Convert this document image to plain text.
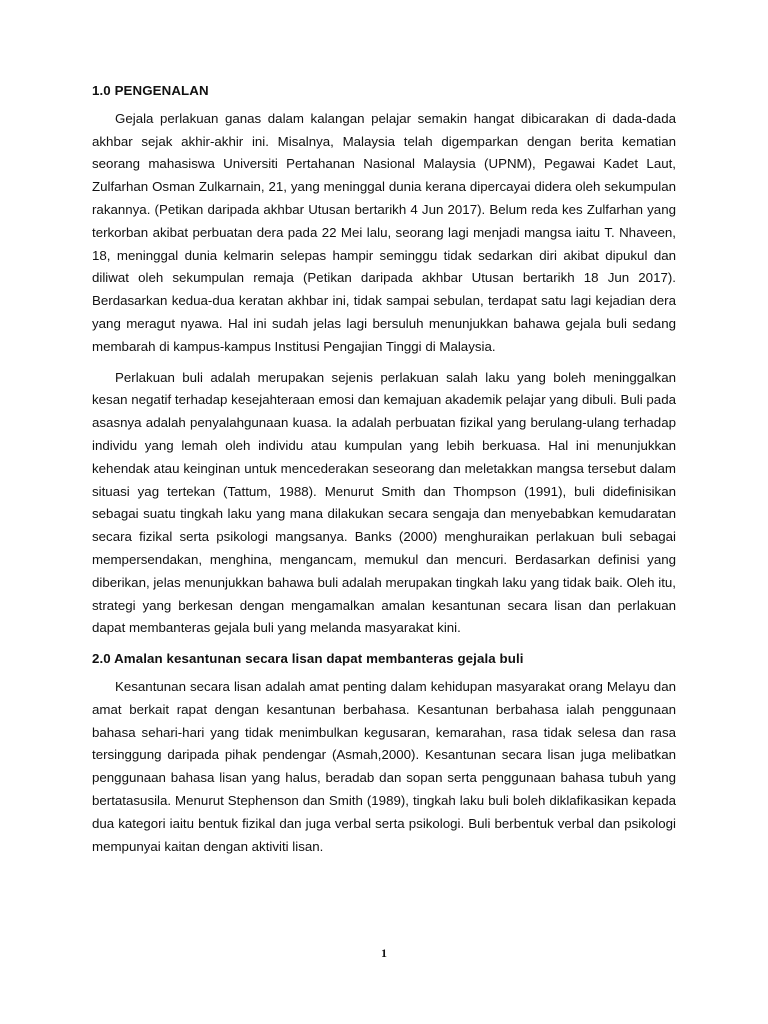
1.0 PENGENALAN

Gejala perlakuan ganas dalam kalangan pelajar semakin hangat dibicarakan di dada-dada akhbar sejak akhir-akhir ini. Misalnya, Malaysia telah digemparkan dengan berita kematian seorang mahasiswa Universiti Pertahanan Nasional Malaysia (UPNM), Pegawai Kadet Laut, Zulfarhan Osman Zulkarnain, 21, yang meninggal dunia kerana dipercayai didera oleh sekumpulan rakannya. (Petikan daripada akhbar Utusan bertarikh 4 Jun 2017). Belum reda kes Zulfarhan yang terkorban akibat perbuatan dera pada 22 Mei lalu, seorang lagi menjadi mangsa iaitu T. Nhaveen, 18, meninggal dunia kelmarin selepas hampir seminggu tidak sedarkan diri akibat dipukul dan diliwat oleh sekumpulan remaja (Petikan daripada akhbar Utusan bertarikh 18 Jun 2017). Berdasarkan kedua-dua keratan akhbar ini, tidak sampai sebulan, terdapat satu lagi kejadian dera yang meragut nyawa. Hal ini sudah jelas lagi bersuluh menunjukkan bahawa gejala buli sedang membarah di kampus-kampus Institusi Pengajian Tinggi di Malaysia.

Perlakuan buli adalah merupakan sejenis perlakuan salah laku yang boleh meninggalkan kesan negatif terhadap kesejahteraan emosi dan kemajuan akademik pelajar yang dibuli. Buli pada asasnya adalah penyalahgunaan kuasa. Ia adalah perbuatan fizikal yang berulang-ulang terhadap individu yang lemah oleh individu atau kumpulan yang lebih berkuasa. Hal ini menunjukkan kehendak atau keinginan untuk mencederakan seseorang dan meletakkan mangsa tersebut dalam situasi yag tertekan (Tattum, 1988). Menurut Smith dan Thompson (1991), buli didefinisikan sebagai suatu tingkah laku yang mana dilakukan secara sengaja dan menyebabkan kemudaratan secara fizikal serta psikologi mangsanya. Banks (2000) menghuraikan perlakuan buli sebagai mempersendakan, menghina, mengancam, memukul dan mencuri. Berdasarkan definisi yang diberikan, jelas menunjukkan bahawa buli adalah merupakan tingkah laku yang tidak baik. Oleh itu, strategi yang berkesan dengan mengamalkan amalan kesantunan secara lisan dan perlakuan dapat membanteras gejala buli yang melanda masyarakat kini.

2.0 Amalan kesantunan secara lisan dapat membanteras gejala buli

Kesantunan secara lisan adalah amat penting dalam kehidupan masyarakat orang Melayu dan amat berkait rapat dengan kesantunan berbahasa. Kesantunan berbahasa ialah penggunaan bahasa sehari-hari yang tidak menimbulkan kegusaran, kemarahan, rasa tidak selesa dan rasa tersinggung daripada pihak pendengar (Asmah,2000). Kesantunan secara lisan juga melibatkan penggunaan bahasa lisan yang halus, beradab dan sopan serta penggunaan bahasa tubuh yang bertatasusila. Menurut Stephenson dan Smith (1989), tingkah laku buli boleh diklafikasikan kepada dua kategori iaitu bentuk fizikal dan juga verbal serta psikologi. Buli berbentuk verbal dan psikologi mempunyai kaitan dengan aktiviti lisan.

1
